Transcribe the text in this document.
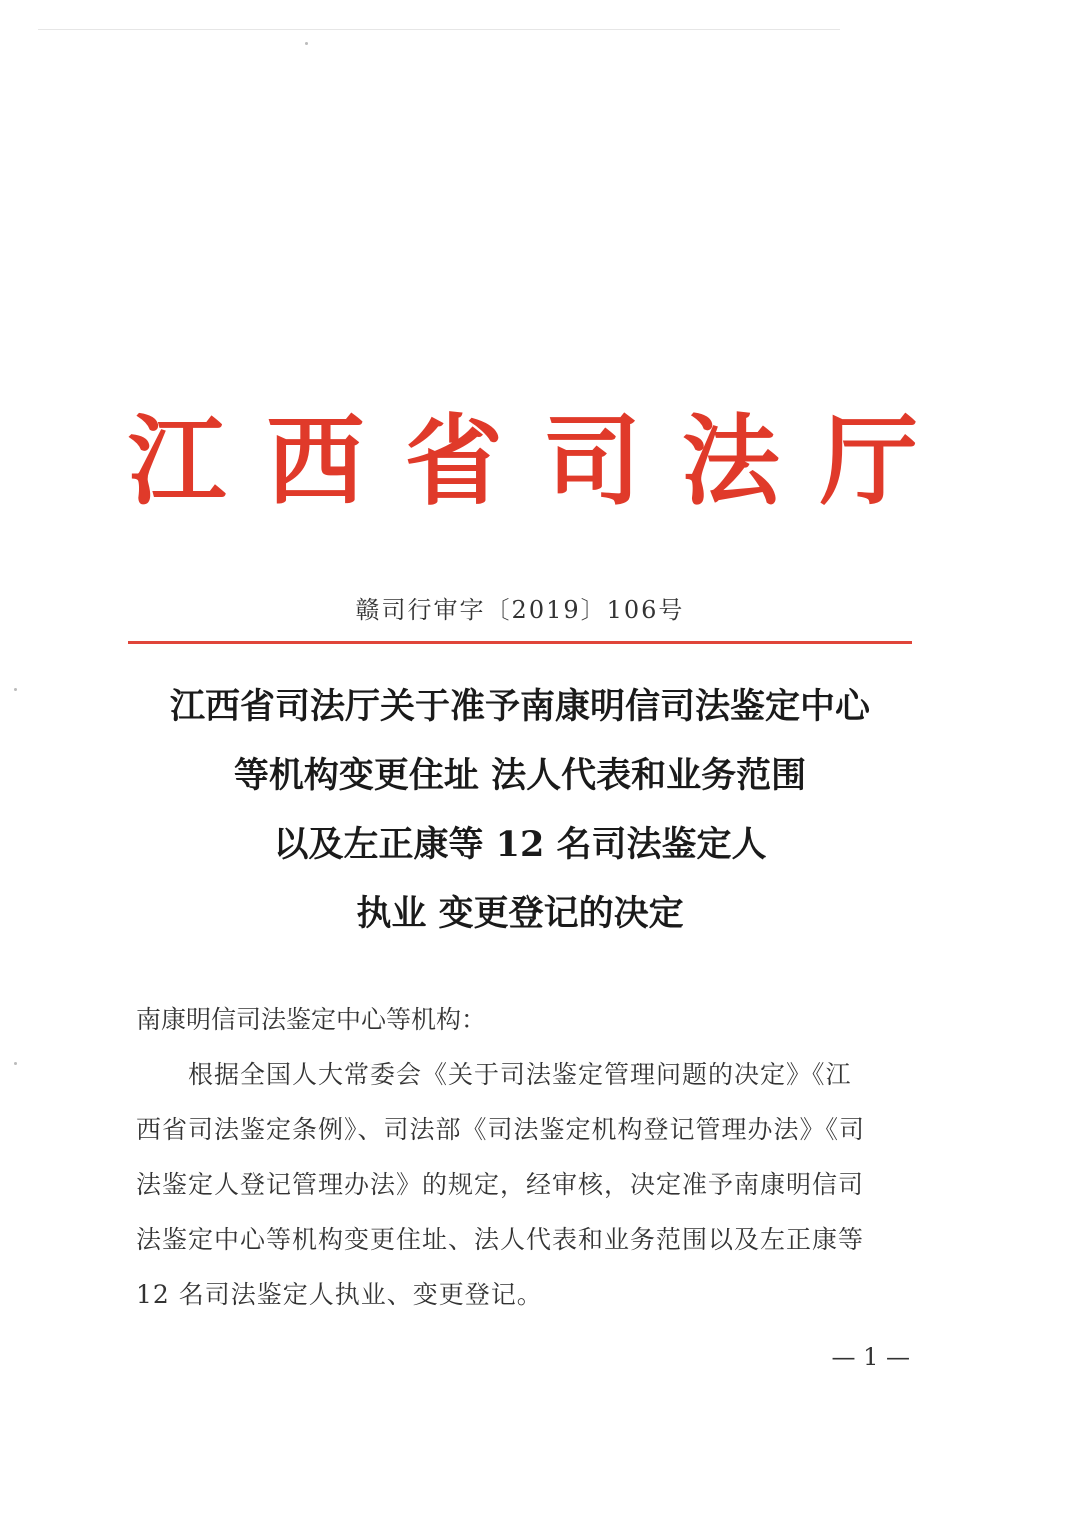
江 西 省 司 法 厅
赣司行审字〔2019〕106号
江西省司法厅关于准予南康明信司法鉴定中心
等机构变更住址 法人代表和业务范围
以及左正康等 12 名司法鉴定人
执业 变更登记的决定
南康明信司法鉴定中心等机构：
根据全国人大常委会《关于司法鉴定管理问题的决定》《江
西省司法鉴定条例》、司法部《司法鉴定机构登记管理办法》《司
法鉴定人登记管理办法》的规定，经审核，决定准予南康明信司
法鉴定中心等机构变更住址、法人代表和业务范围以及左正康等
12 名司法鉴定人执业、变更登记。
— 1 —
